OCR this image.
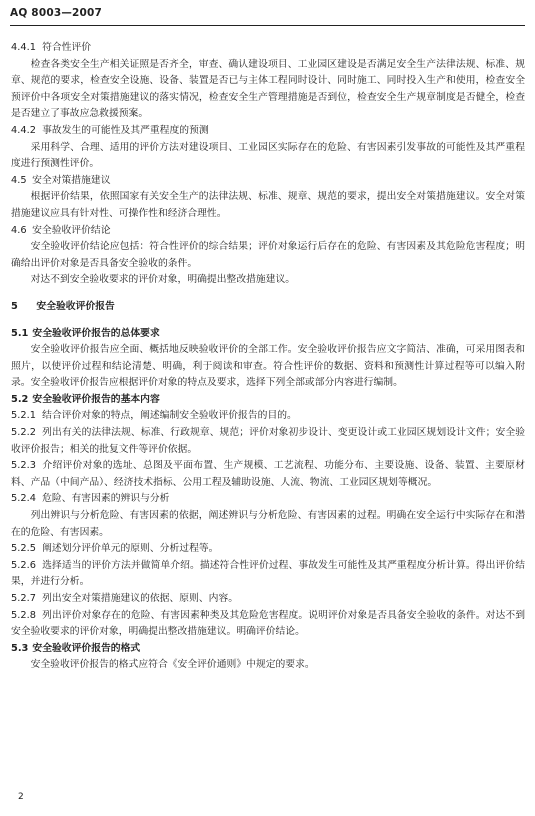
AQ 8003—2007

4.4.1 符合性评价

检查各类安全生产相关证照是否齐全，审查、确认建设项目、工业园区建设是否满足安全生产法律法规、标准、规章、规范的要求，检查安全设施、设备、装置是否已与主体工程同时设计、同时施工、同时投入生产和使用，检查安全预评价中各项安全对策措施建议的落实情况，检查安全生产管理措施是否到位，检查安全生产规章制度是否健全，检查是否建立了事故应急救援预案。

4.4.2 事故发生的可能性及其严重程度的预测

采用科学、合理、适用的评价方法对建设项目、工业园区实际存在的危险、有害因素引发事故的可能性及其严重程度进行预测性评价。

4.5 安全对策措施建议

根据评价结果，依照国家有关安全生产的法律法规、标准、规章、规范的要求，提出安全对策措施建议。安全对策措施建议应具有针对性、可操作性和经济合理性。

4.6 安全验收评价结论

安全验收评价结论应包括：符合性评价的综合结果；评价对象运行后存在的危险、有害因素及其危险危害程度；明确给出评价对象是否具备安全验收的条件。

对达不到安全验收要求的评价对象，明确提出整改措施建议。

5 安全验收评价报告

5.1 安全验收评价报告的总体要求

安全验收评价报告应全面、概括地反映验收评价的全部工作。安全验收评价报告应文字简洁、准确，可采用图表和照片，以使评价过程和结论清楚、明确，利于阅读和审查。符合性评价的数据、资料和预测性计算过程等可以编入附录。安全验收评价报告应根据评价对象的特点及要求，选择下列全部或部分内容进行编制。

5.2 安全验收评价报告的基本内容

5.2.1 结合评价对象的特点，阐述编制安全验收评价报告的目的。

5.2.2 列出有关的法律法规、标准、行政规章、规范；评价对象初步设计、变更设计或工业园区规划设计文件；安全验收评价报告；相关的批复文件等评价依据。

5.2.3 介绍评价对象的选址、总图及平面布置、生产规模、工艺流程、功能分布、主要设施、设备、装置、主要原材料、产品（中间产品）、经济技术指标、公用工程及辅助设施、人流、物流、工业园区规划等概况。

5.2.4 危险、有害因素的辨识与分析

列出辨识与分析危险、有害因素的依据，阐述辨识与分析危险、有害因素的过程。明确在安全运行中实际存在和潜在的危险、有害因素。

5.2.5 阐述划分评价单元的原则、分析过程等。

5.2.6 选择适当的评价方法并做简单介绍。描述符合性评价过程、事故发生可能性及其严重程度分析计算。得出评价结果，并进行分析。

5.2.7 列出安全对策措施建议的依据、原则、内容。

5.2.8 列出评价对象存在的危险、有害因素种类及其危险危害程度。说明评价对象是否具备安全验收的条件。对达不到安全验收要求的评价对象，明确提出整改措施建议。明确评价结论。

5.3 安全验收评价报告的格式

安全验收评价报告的格式应符合《安全评价通则》中规定的要求。

2
